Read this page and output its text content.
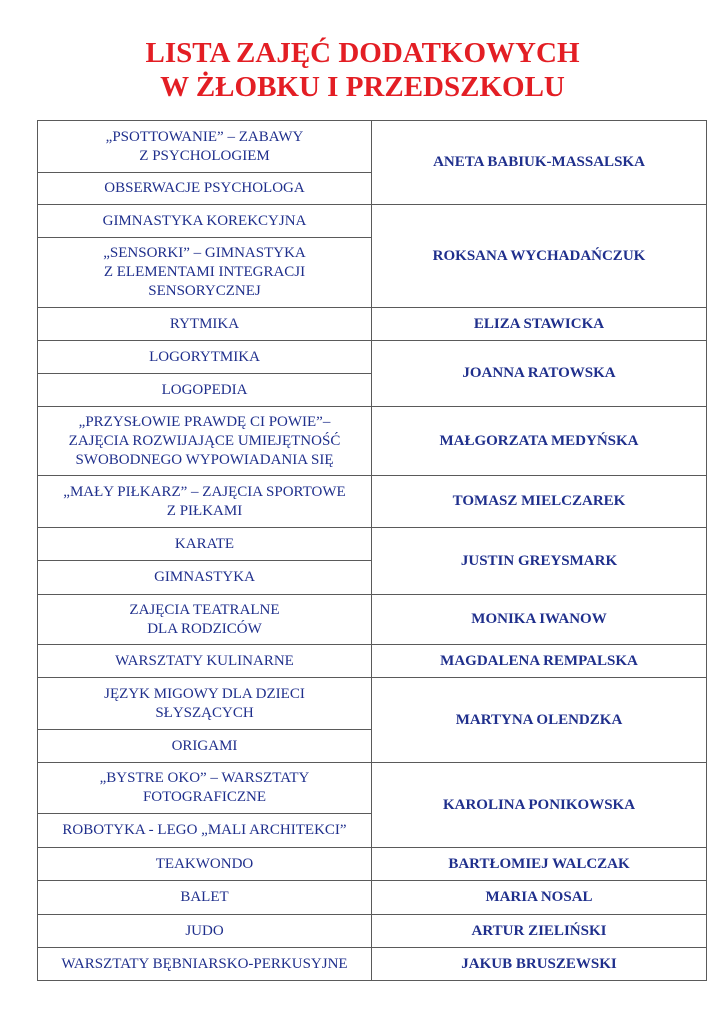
LISTA ZAJĘĆ DODATKOWYCH
W ŻŁOBKU I PRZEDSZKOLU
„PSOTTOWANIE” – ZABAWY
Z PSYCHOLOGIEM	ANETA BABIUK-MASSALSKA
OBSERWACJE PSYCHOLOGA	
GIMNASTYKA KOREKCYJNA	ROKSANA WYCHADAŃCZUK
„SENSORKI” – GIMNASTYKA
Z ELEMENTAMI INTEGRACJI
SENSORYCZNEJ	
RYTMIKA	ELIZA STAWICKA
LOGORYTMIKA	JOANNA RATOWSKA
LOGOPEDIA	
„PRZYSŁOWIE PRAWDĘ CI POWIE”–
ZAJĘCIA ROZWIJAJĄCE UMIEJĘTNOŚĆ
SWOBODNEGO WYPOWIADANIA SIĘ	MAŁGORZATA MEDYŃSKA
„MAŁY PIŁKARZ” – ZAJĘCIA SPORTOWE
Z PIŁKAMI	TOMASZ MIELCZAREK
KARATE	JUSTIN GREYSMARK
GIMNASTYKA	
ZAJĘCIA TEATRALNE
DLA RODZICÓW	MONIKA IWANOW
WARSZTATY KULINARNE	MAGDALENA REMPALSKA
JĘZYK MIGOWY DLA DZIECI
SŁYSZĄCYCH	MARTYNA OLENDZKA
ORIGAMI	
„BYSTRE OKO” – WARSZTATY
FOTOGRAFICZNE	KAROLINA PONIKOWSKA
ROBOTYKA - LEGO „MALI ARCHITEKCI”	
TEAKWONDO	BARTŁOMIEJ WALCZAK
BALET	MARIA NOSAL
JUDO	ARTUR ZIELIŃSKI
WARSZTATY BĘBNIARSKO-PERKUSYJNE	JAKUB BRUSZEWSKI
